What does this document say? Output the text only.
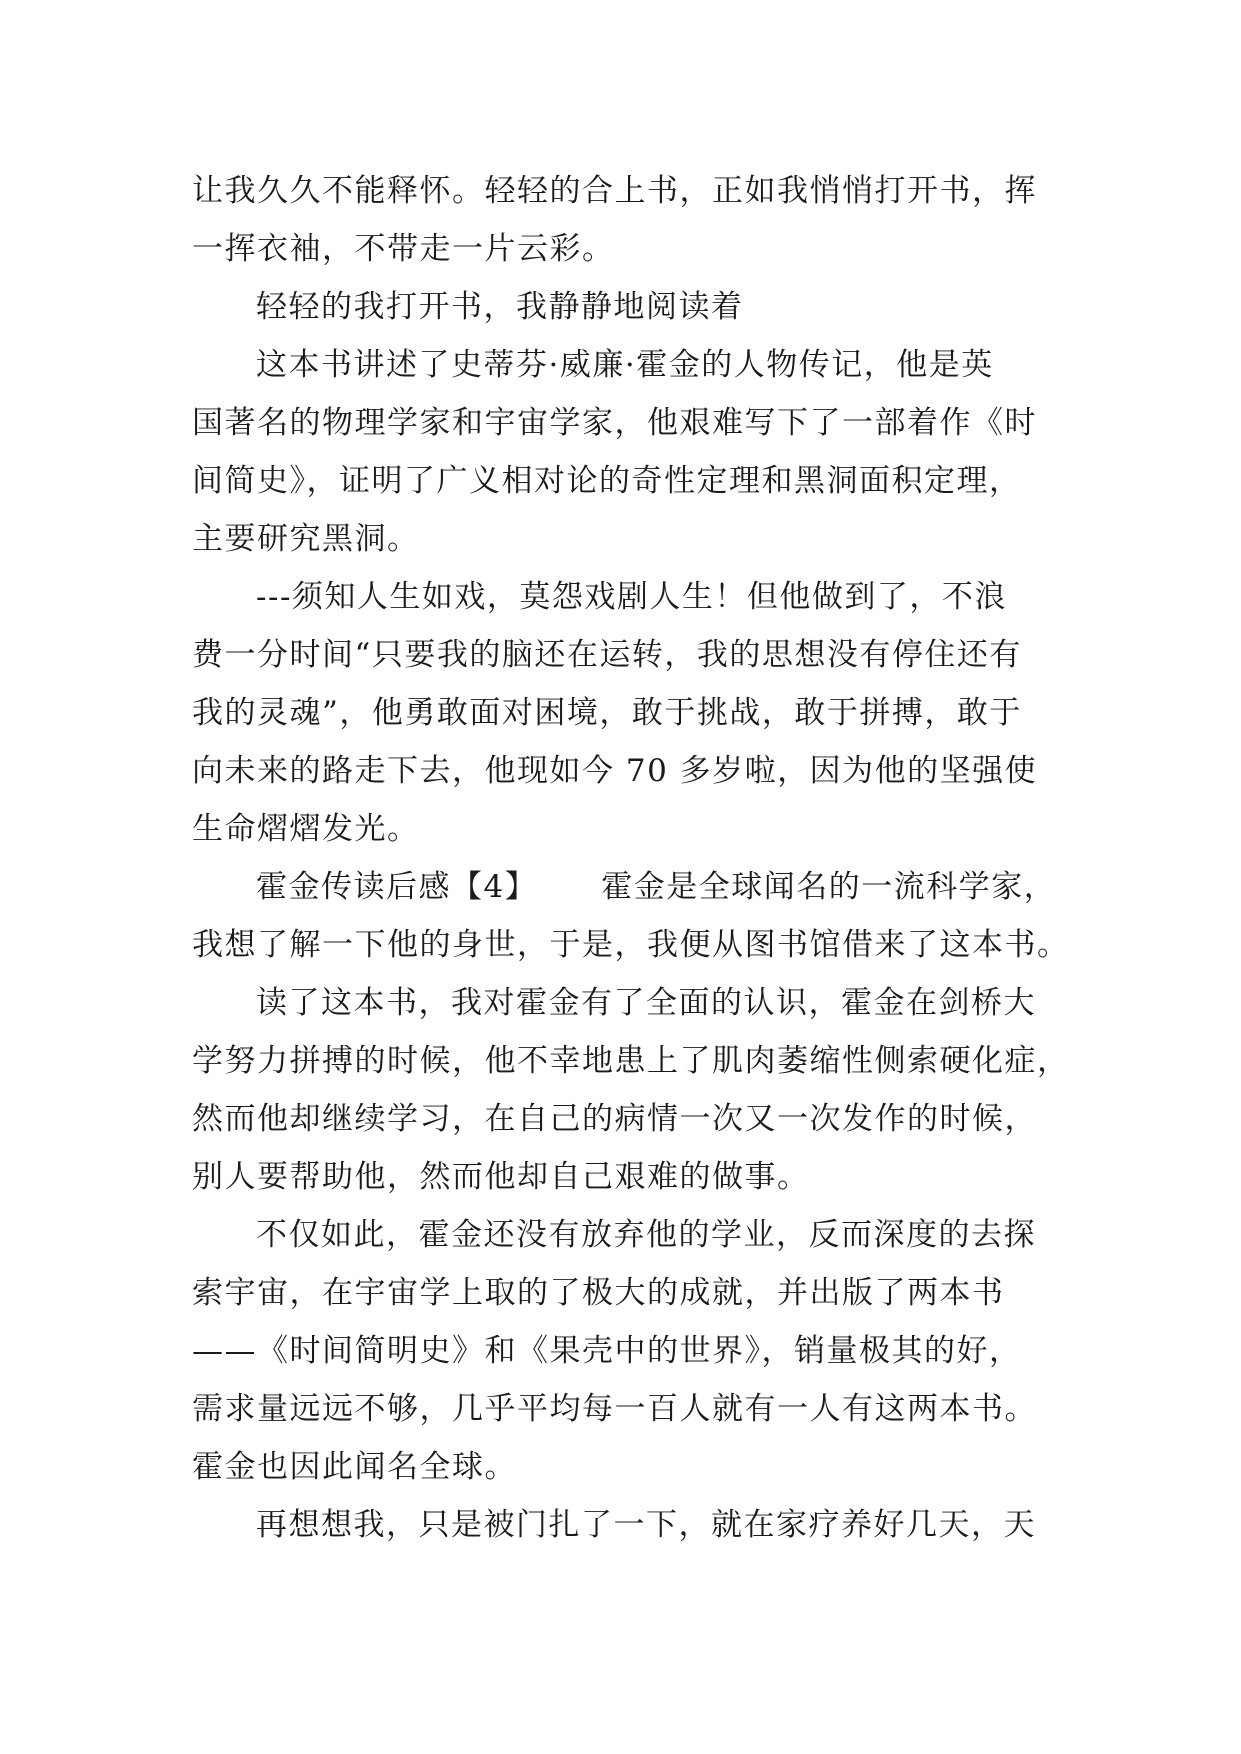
让我久久不能释怀。轻轻的合上书，正如我悄悄打开书，挥
一挥衣袖，不带走一片云彩。

轻轻的我打开书，我静静地阅读着

这本书讲述了史蒂芬·威廉·霍金的人物传记，他是英
国著名的物理学家和宇宙学家，他艰难写下了一部着作《时
间简史》，证明了广义相对论的奇性定理和黑洞面积定理，
主要研究黑洞。

---须知人生如戏，莫怨戏剧人生！但他做到了，不浪
费一分时间“只要我的脑还在运转，我的思想没有停住还有
我的灵魂”，他勇敢面对困境，敢于挑战，敢于拼搏，敢于
向未来的路走下去，他现如今 70 多岁啦，因为他的坚强使
生命熠熠发光。

霍金传读后感【4】 霍金是全球闻名的一流科学家，
我想了解一下他的身世，于是，我便从图书馆借来了这本书。

读了这本书，我对霍金有了全面的认识，霍金在剑桥大
学努力拼搏的时候，他不幸地患上了肌肉萎缩性侧索硬化症，
然而他却继续学习，在自己的病情一次又一次发作的时候，
别人要帮助他，然而他却自己艰难的做事。

不仅如此，霍金还没有放弃他的学业，反而深度的去探
索宇宙，在宇宙学上取的了极大的成就，并出版了两本书
——《时间简明史》和《果壳中的世界》，销量极其的好，
需求量远远不够，几乎平均每一百人就有一人有这两本书。
霍金也因此闻名全球。

再想想我，只是被门扎了一下，就在家疗养好几天，天
